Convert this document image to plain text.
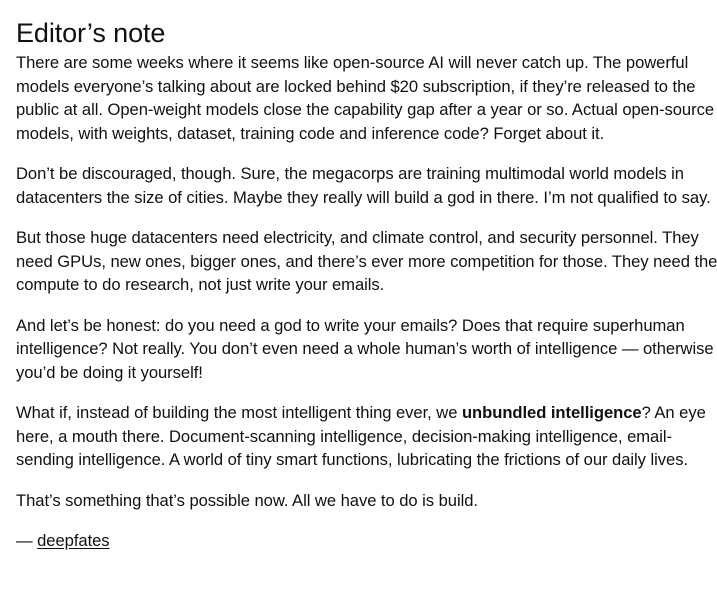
Editor’s note

There are some weeks where it seems like open-source AI will never catch up. The powerful
models everyone’s talking about are locked behind $20 subscription, if they’re released to the
public at all. Open-weight models close the capability gap after a year or so. Actual open-source
models, with weights, dataset, training code and inference code? Forget about it.

Don’t be discouraged, though. Sure, the megacorps are training multimodal world models in
datacenters the size of cities. Maybe they really will build a god in there. I’m not qualified to say.

But those huge datacenters need electricity, and climate control, and security personnel. They
need GPUs, new ones, bigger ones, and there’s ever more competition for those. They need the
compute to do research, not just write your emails.

And let’s be honest: do you need a god to write your emails? Does that require superhuman
intelligence? Not really. You don’t even need a whole human’s worth of intelligence — otherwise
you’d be doing it yourself!

What if, instead of building the most intelligent thing ever, we unbundled intelligence? An eye
here, a mouth there. Document-scanning intelligence, decision-making intelligence, email-
sending intelligence. A world of tiny smart functions, lubricating the frictions of our daily lives.

That’s something that’s possible now. All we have to do is build.

— deepfates
